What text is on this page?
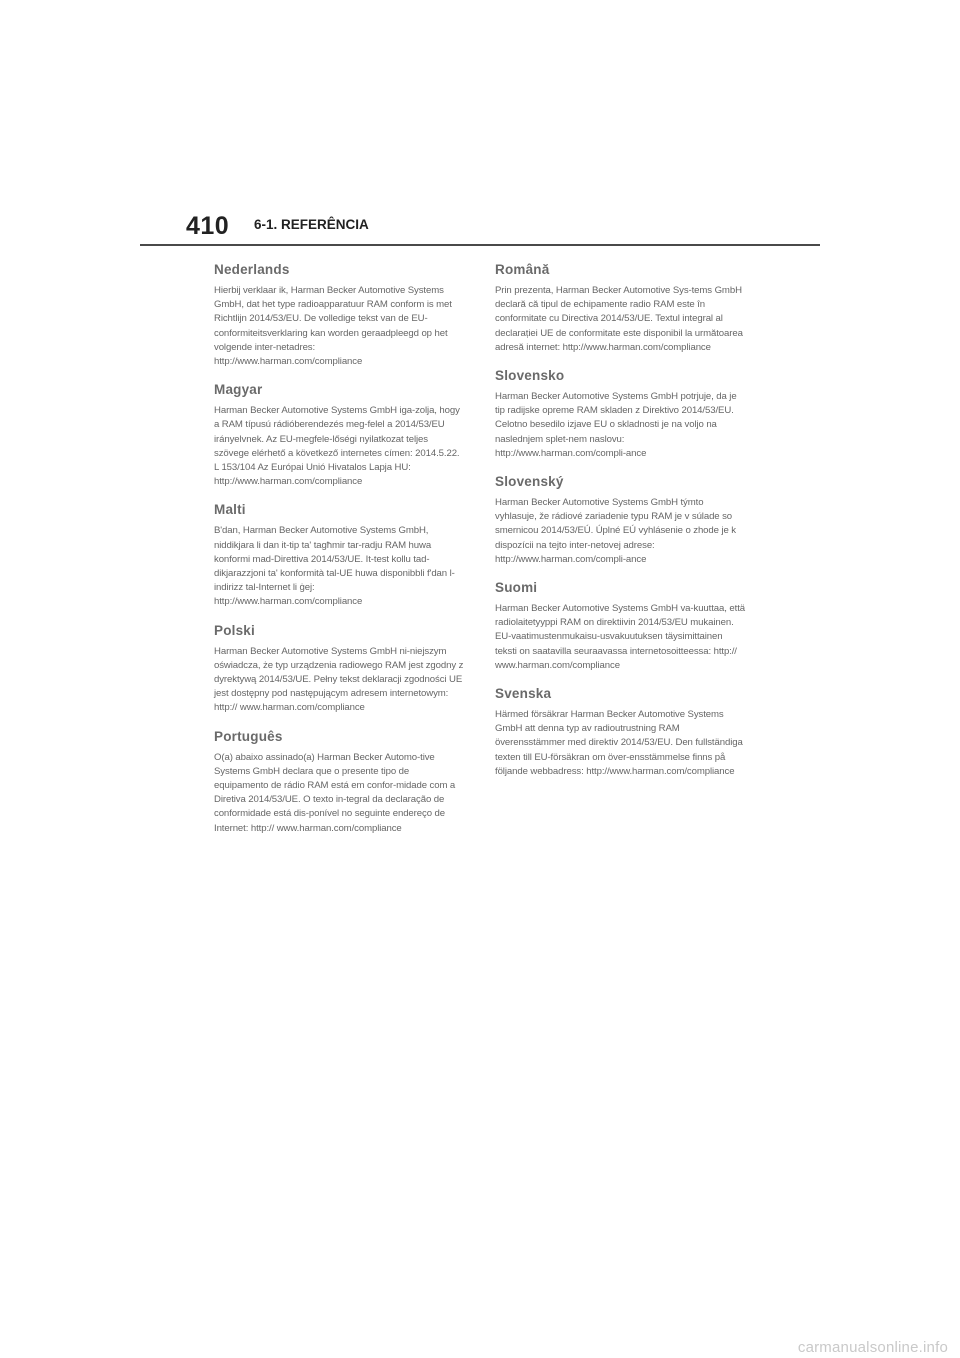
410 6-1. REFERÊNCIA
Nederlands

Hierbij verklaar ik, Harman Becker Automotive Systems GmbH, dat het type radioapparatuur RAM conform is met Richtlijn 2014/53/EU. De volledige tekst van de EU-conformiteitsverklaring kan worden geraadpleegd op het volgende inter-netadres: http://www.harman.com/compliance

Magyar

Harman Becker Automotive Systems GmbH iga-zolja, hogy a RAM típusú rádióberendezés meg-felel a 2014/53/EU irányelvnek. Az EU-megfele-lőségi nyilatkozat teljes szövege elérhető a következő internetes címen: 2014.5.22. L 153/104 Az Európai Unió Hivatalos Lapja HU: http://www.harman.com/compliance

Malti

B'dan, Harman Becker Automotive Systems GmbH, niddikjara li dan it-tip ta' tagħmir tar-radju RAM huwa konformi mad-Direttiva 2014/53/UE. It-test kollu tad-dikjarazzjoni ta' konformità tal-UE huwa disponibbli f'dan l-indirizz tal-Internet li ġej: http://www.harman.com/compliance

Polski

Harman Becker Automotive Systems GmbH ni-niejszym oświadcza, że typ urządzenia radiowego RAM jest zgodny z dyrektywą 2014/53/UE. Pełny tekst deklaracji zgodności UE jest dostępny pod następującym adresem internetowym: http:// www.harman.com/compliance

Português

O(a) abaixo assinado(a) Harman Becker Automo-tive Systems GmbH declara que o presente tipo de equipamento de rádio RAM está em confor-midade com a Diretiva 2014/53/UE. O texto in-tegral da declaração de conformidade está dis-ponível no seguinte endereço de Internet: http:// www.harman.com/compliance

Română

Prin prezenta, Harman Becker Automotive Sys-tems GmbH declară că tipul de echipamente radio RAM este în conformitate cu Directiva 2014/53/UE. Textul integral al declarației UE de conformitate este disponibil la următoarea adresă internet: http://www.harman.com/compliance

Slovensko

Harman Becker Automotive Systems GmbH potrjuje, da je tip radijske opreme RAM skladen z Direktivo 2014/53/EU. Celotno besedilo izjave EU o skladnosti je na voljo na naslednjem splet-nem naslovu: http://www.harman.com/compli-ance

Slovenský

Harman Becker Automotive Systems GmbH týmto vyhlasuje, že rádiové zariadenie typu RAM je v súlade so smernicou 2014/53/EÚ. Úplné EÚ vyhlásenie o zhode je k dispozícii na tejto inter-netovej adrese: http://www.harman.com/compli-ance

Suomi

Harman Becker Automotive Systems GmbH va-kuuttaa, että radiolaitetyyppi RAM on direktiivin 2014/53/EU mukainen. EU-vaatimustenmukaisu-usvakuutuksen täysimittainen teksti on saatavilla seuraavassa internetosoitteessa: http:// www.harman.com/compliance

Svenska

Härmed försäkrar Harman Becker Automotive Systems GmbH att denna typ av radioutrustning RAM överensstämmer med direktiv 2014/53/EU. Den fullständiga texten till EU-försäkran om över-ensstämmelse finns på följande webbadress: http://www.harman.com/compliance

carmanualsonline.info
